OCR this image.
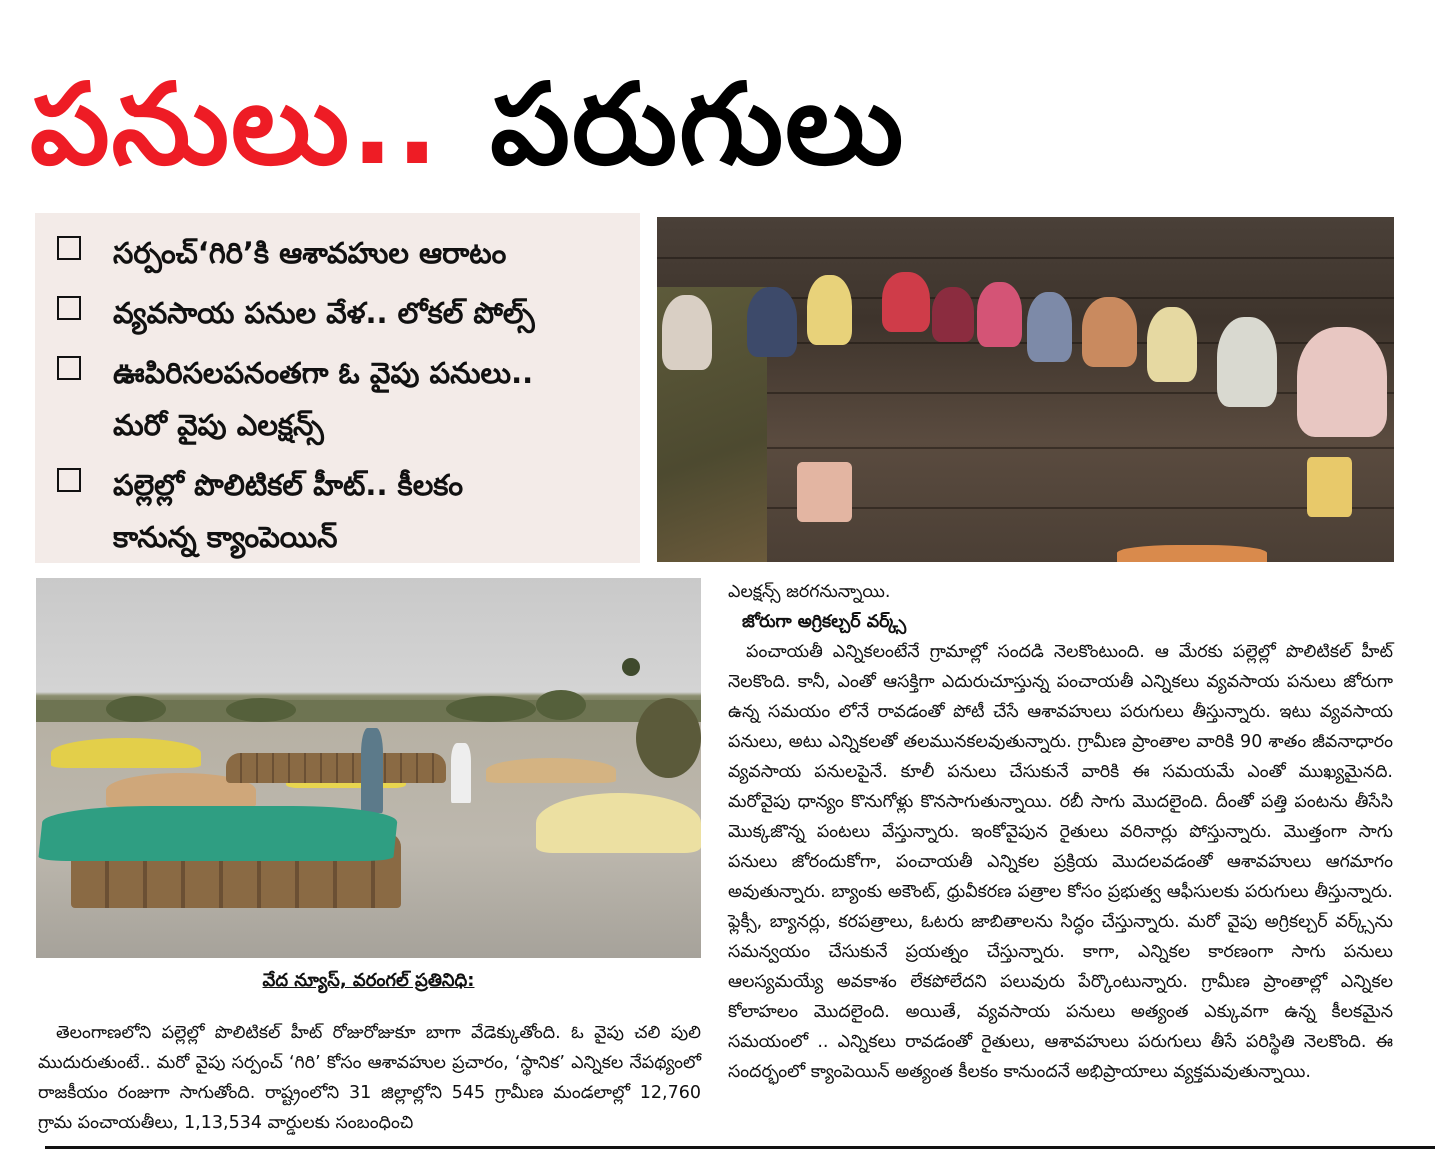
పనులు.. పరుగులు
సర్పంచ్‘గిరి’కి ఆశావహుల ఆరాటం
వ్యవసాయ పనుల వేళ.. లోకల్ పోల్స్
ఊపిరిసలపనంతగా ఓ వైపు పనులు..
మరో వైపు ఎలక్షన్స్
పల్లెల్లో పొలిటికల్ హీట్.. కీలకం
కానున్న క్యాంపెయిన్
వేద న్యూస్, వరంగల్ ప్రతినిధి:
తెలంగాణలోని పల్లెల్లో పొలిటికల్ హీట్ రోజురోజుకూ బాగా వేడెక్కుతోంది. ఓ వైపు చలి పులి ముదురుతుంటే.. మరో వైపు సర్పంచ్ ‘గిరి’ కోసం ఆశావహుల ప్రచారం, ‘స్థానిక’ ఎన్నికల నేపథ్యంలో రాజకీయం రంజుగా సాగుతోంది. రాష్ట్రంలోని 31 జిల్లాల్లోని 545 గ్రామీణ మండలాల్లో 12,760 గ్రామ పంచాయతీలు, 1,13,534 వార్డులకు సంబంధించి
ఎలక్షన్స్ జరగనున్నాయి.
జోరుగా అగ్రికల్చర్ వర్క్స్
పంచాయతీ ఎన్నికలంటేనే గ్రామాల్లో సందడి నెలకొంటుంది. ఆ మేరకు పల్లెల్లో పొలిటికల్ హీట్ నెలకొంది. కానీ, ఎంతో ఆసక్తిగా ఎదురుచూస్తున్న పంచాయతీ ఎన్నికలు వ్యవసాయ పనులు జోరుగా ఉన్న సమయం లోనే రావడంతో పోటీ చేసే ఆశావహులు పరుగులు తీస్తున్నారు. ఇటు వ్యవసాయ పనులు, అటు ఎన్నికలతో తలమునకలవుతున్నారు. గ్రామీణ ప్రాంతాల వారికి 90 శాతం జీవనాధారం వ్యవసాయ పనులపైనే. కూలీ పనులు చేసుకునే వారికి ఈ సమయమే ఎంతో ముఖ్యమైనది. మరోవైపు ధాన్యం కొనుగోళ్లు కొనసాగుతున్నాయి. రబీ సాగు మొదలైంది. దీంతో పత్తి పంటను తీసేసి మొక్కజొన్న పంటలు వేస్తున్నారు. ఇంకోవైపున రైతులు వరినార్లు పోస్తున్నారు. మొత్తంగా సాగు పనులు జోరందుకోగా, పంచాయతీ ఎన్నికల ప్రక్రియ మొదలవడంతో ఆశావహులు ఆగమాగం అవుతున్నారు. బ్యాంకు అకౌంట్, ధ్రువీకరణ పత్రాల కోసం ప్రభుత్వ ఆఫీసులకు పరుగులు తీస్తున్నారు. ఫ్లెక్సీ, బ్యానర్లు, కరపత్రాలు, ఓటరు జాబితాలను సిద్ధం చేస్తున్నారు. మరో వైపు అగ్రికల్చర్ వర్క్స్‌ను సమన్వయం చేసుకునే ప్రయత్నం చేస్తున్నారు. కాగా, ఎన్నికల కారణంగా సాగు పనులు ఆలస్యమయ్యే అవకాశం లేకపోలేదని పలువురు పేర్కొంటున్నారు. గ్రామీణ ప్రాంతాల్లో ఎన్నికల కోలాహలం మొదలైంది. అయితే, వ్యవసాయ పనులు అత్యంత ఎక్కువగా ఉన్న కీలకమైన సమయంలో .. ఎన్నికలు రావడంతో రైతులు, ఆశావహులు పరుగులు తీసే పరిస్థితి నెలకొంది. ఈ సందర్భంలో క్యాంపెయిన్ అత్యంత కీలకం కానుందనే అభిప్రాయాలు వ్యక్తమవుతున్నాయి.
